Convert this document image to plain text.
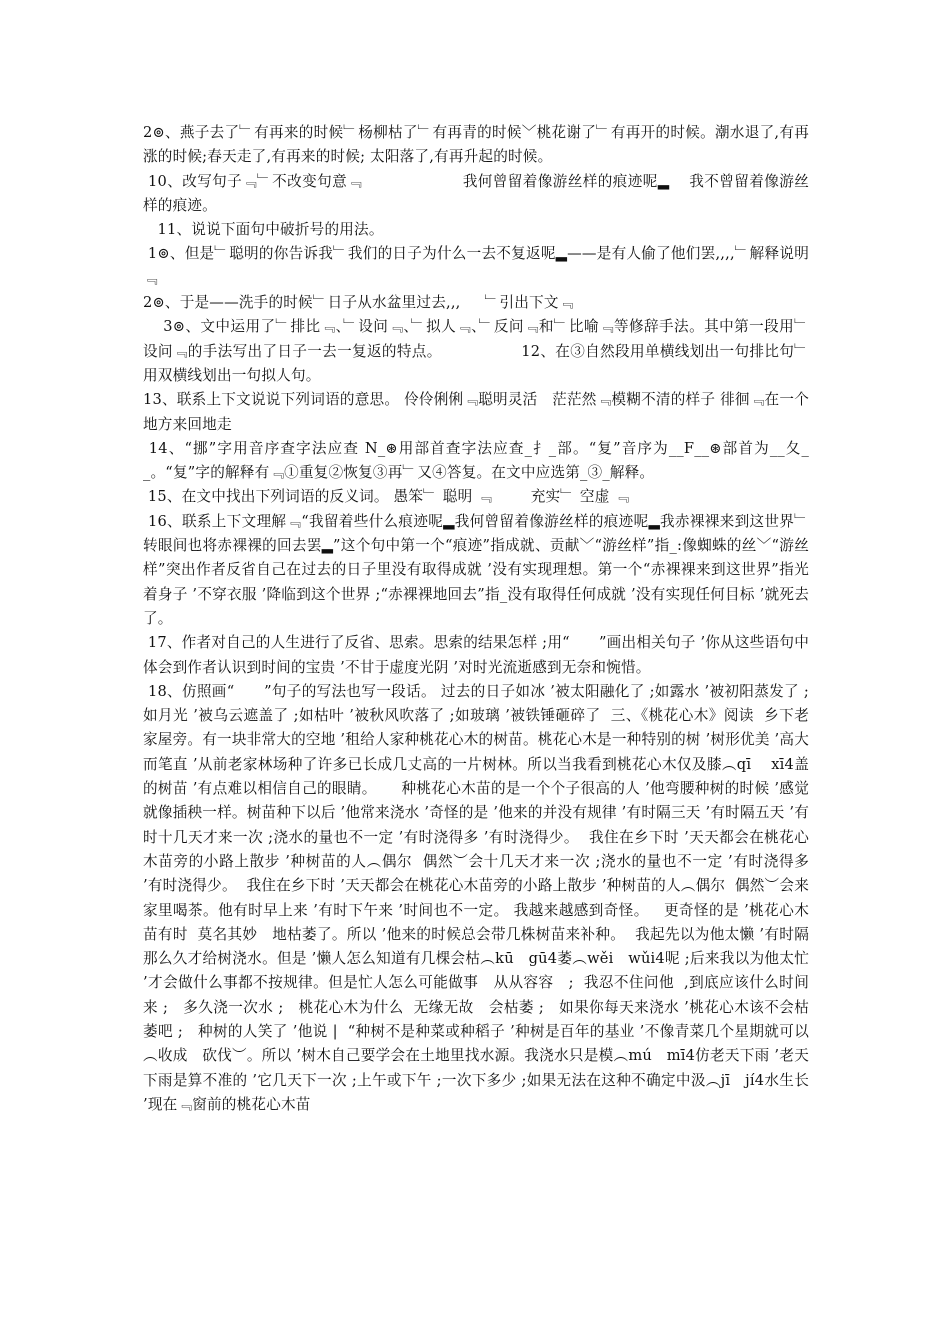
2⊚、燕子去了﹂有再来的时候﹂杨柳枯了﹂有再青的时候﹀桃花谢了﹂有再开的时候。潮水退了,有再涨的时候;春天走了,有再来的时候; 太阳落了,有再升起的时候。

10、改写句子﹃﹂不改变句意﹃                    我何曾留着像游丝样的痕迹呢▂    我不曾留着像游丝样的痕迹。

11、说说下面句中破折号的用法。

1⊚、但是﹂聪明的你告诉我﹂我们的日子为什么一去不复返呢▂——是有人偷了他们罢,,,,﹂解释说明﹃

2⊚、于是——洗手的时候﹂日子从水盆里过去,,,     ﹂引出下文﹃

3⊚、文中运用了﹂排比﹃、﹂设问﹃、﹂拟人﹃、﹂反问﹃和﹂比喻﹃等修辞手法。其中第一段用﹂设问﹃的手法写出了日子一去一复返的特点。                12、在③自然段用单横线划出一句排比句﹂用双横线划出一句拟人句。

13、联系上下文说说下列词语的意思。 伶伶俐俐﹃聪明灵活   茫茫然﹃模糊不清的样子 徘徊﹃在一个地方来回地走

14、“挪”字用音序查字法应查 N_⊛用部首查字法应查_扌_部。“复”音序为__F__⊛部首为__夂__。“复”字的解释有﹃①重复②恢复③再﹂又④答复。在文中应选第_③_解释。

15、在文中找出下列词语的反义词。 愚笨﹂ 聪明 ﹃        充实﹂ 空虚 ﹃

16、联系上下文理解﹃“我留着些什么痕迹呢▂我何曾留着像游丝样的痕迹呢▂我赤裸裸来到这世界﹂转眼间也将赤裸裸的回去罢▂”这个句中第一个“痕迹”指成就、贡献﹀“游丝样”指_:像蜘蛛的丝﹀“游丝样”突出作者反省自己在过去的日子里没有取得成就 ’没有实现理想。第一个“赤裸裸来到这世界”指光着身子 ’不穿衣服 ’降临到这个世界 ;“赤裸裸地回去”指_没有取得任何成就 ’没有实现任何目标 ’就死去了。

17、作者对自己的人生进行了反省、思索。思索的结果怎样 ;用“      ”画出相关句子 ’你从这些语句中体会到作者认识到时间的宝贵 ’不甘于虚度光阴 ’对时光流逝感到无奈和惋惜。

18、仿照画“      ”句子的写法也写一段话。 过去的日子如冰 ’被太阳融化了 ;如露水 ’被初阳蒸发了 ;如月光 ’被乌云遮盖了 ;如枯叶 ’被秋风吹落了 ;如玻璃 ’被铁锤砸碎了  三、《桃花心木》阅读  乡下老家屋旁。有一块非常大的空地 ’租给人家种桃花心木的树苗。桃花心木是一种特别的树 ’树形优美 ’高大而笔直 ’从前老家林场种了许多已长成几丈高的一片树林。所以当我看到桃花心木仅及膝︵qī    xī4盖的树苗 ’有点难以相信自己的眼睛。     种桃花心木苗的是一个个子很高的人 ’他弯腰种树的时候 ’感觉就像插秧一样。树苗种下以后 ’他常来浇水 ’奇怪的是 ’他来的并没有规律 ’有时隔三天 ’有时隔五天 ’有时十几天才来一次 ;浇水的量也不一定 ’有时浇得多 ’有时浇得少。  我住在乡下时 ’天天都会在桃花心木苗旁的小路上散步 ’种树苗的人︵偶尔  偶然︶会十几天才来一次 ;浇水的量也不一定 ’有时浇得多 ’有时浇得少。  我住在乡下时 ’天天都会在桃花心木苗旁的小路上散步 ’种树苗的人︵偶尔  偶然︶会来家里喝茶。他有时早上来 ’有时下午来 ’时间也不一定。 我越来越感到奇怪。   更奇怪的是 ’桃花心木苗有时  莫名其妙   地枯萎了。所以 ’他来的时候总会带几株树苗来补种。  我起先以为他太懒 ’有时隔那么久才给树浇水。但是 ’懒人怎么知道有几棵会枯︵kū   gū4萎︵wěi   wǔi4呢 ;后来我以为他太忙 ’才会做什么事都不按规律。但是忙人怎么可能做事   从从容容   ;  我忍不住问他  ,到底应该什么时间来 ;   多久浇一次水 ;   桃花心木为什么  无缘无故   会枯萎 ;   如果你每天来浇水 ’桃花心木该不会枯萎吧 ;   种树的人笑了 ’他说 |  “种树不是种菜或种稻子 ’种树是百年的基业 ’不像青菜几个星期就可以︵收成   砍伐︶。所以 ’树木自己要学会在土地里找水源。我浇水只是模︵mú   mī4仿老天下雨 ’老天下雨是算不准的 ’它几天下一次 ;上午或下午 ;一次下多少 ;如果无法在这种不确定中汲︵jī   jí4水生长 ’现在﹃窗前的桃花心木苗
